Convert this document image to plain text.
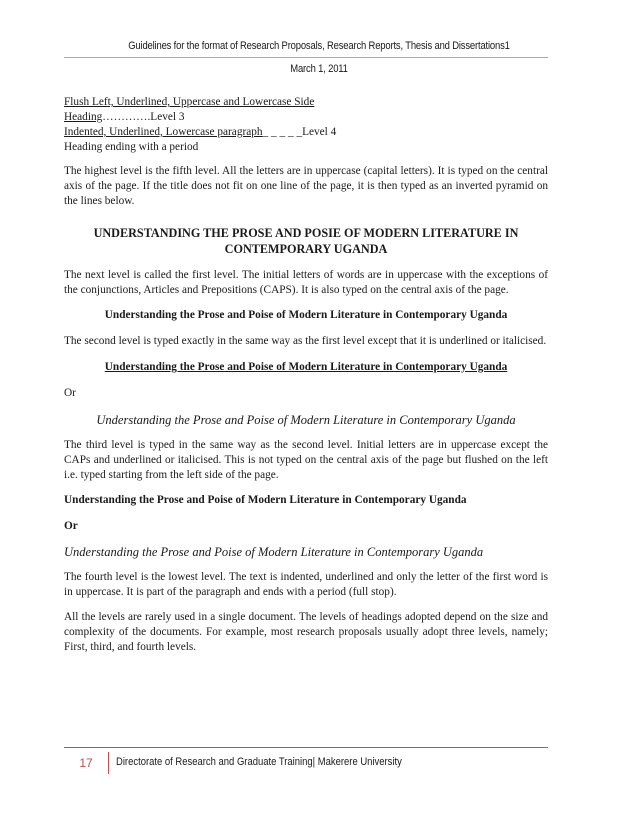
Guidelines for the format of Research Proposals, Research Reports, Thesis and Dissertations1
March 1, 2011

Flush Left, Underlined, Uppercase and Lowercase Side

Heading………….Level 3

Indented, Underlined, Lowercase paragraph_ _ _ _ _Level 4

Heading ending with a period

The highest level is the fifth level. All the letters are in uppercase (capital letters). It is typed on the central axis of the page. If the title does not fit on one line of the page, it is then typed as an inverted pyramid on the lines below.

UNDERSTANDING THE PROSE AND POSIE OF MODERN LITERATURE IN CONTEMPORARY UGANDA

The next level is called the first level. The initial letters of words are in uppercase with the exceptions of the conjunctions, Articles and Prepositions (CAPS). It is also typed on the central axis of the page.

Understanding the Prose and Poise of Modern Literature in Contemporary Uganda

The second level is typed exactly in the same way as the first level except that it is underlined or italicised.

Understanding the Prose and Poise of Modern Literature in Contemporary Uganda

Or

Understanding the Prose and Poise of Modern Literature in Contemporary Uganda

The third level is typed in the same way as the second level. Initial letters are in uppercase except the CAPs and underlined or italicised. This is not typed on the central axis of the page but flushed on the left i.e. typed starting from the left side of the page.

Understanding the Prose and Poise of Modern Literature in Contemporary Uganda

Or

Understanding the Prose and Poise of Modern Literature in Contemporary Uganda

The fourth level is the lowest level. The text is indented, underlined and only the letter of the first word is in uppercase. It is part of the paragraph and ends with a period (full stop).

All the levels are rarely used in a single document. The levels of headings adopted depend on the size and complexity of the documents. For example, most research proposals usually adopt three levels, namely; First, third, and fourth levels.

17	Directorate of Research and Graduate Training| Makerere University
